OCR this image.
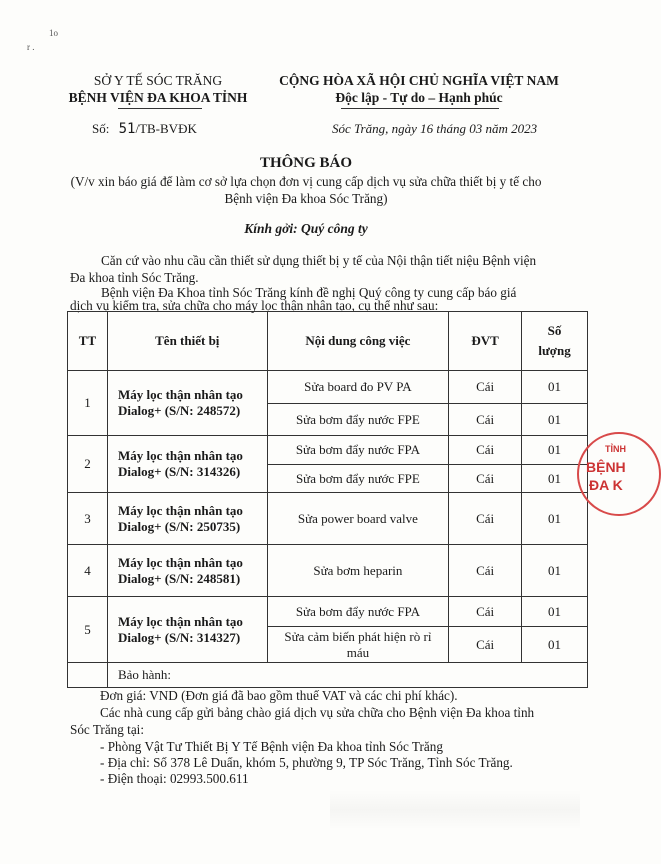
1o
r .
SỞ Y TẾ SÓC TRĂNG
BỆNH VIỆN ĐA KHOA TỈNH
CỘNG HÒA XÃ HỘI CHỦ NGHĨA VIỆT NAM
Độc lập - Tự do – Hạnh phúc
Số: 51/TB-BVĐK	Sóc Trăng, ngày 16 tháng 03 năm 2023
THÔNG BÁO
(V/v xin báo giá để làm cơ sở lựa chọn đơn vị cung cấp dịch vụ sửa chữa thiết bị y tế cho
Bệnh viện Đa khoa Sóc Trăng)
Kính gởi: Quý công ty
Căn cứ vào nhu cầu cần thiết sử dụng thiết bị y tế của Nội thận tiết niệu Bệnh viện
Đa khoa tỉnh Sóc Trăng.
Bệnh viện Đa Khoa tỉnh Sóc Trăng kính đề nghị Quý công ty cung cấp báo giá
dịch vụ kiểm tra, sửa chữa cho máy lọc thận nhân tạo, cụ thể như sau:
TT	Tên thiết bị	Nội dung công việc	ĐVT	Số
lượng

1	Máy lọc thận nhân tạo
Dialog+ (S/N: 248572)	Sửa board đo PV PA	Cái	01
		Sửa bơm đẩy nước FPE	Cái	01
2	Máy lọc thận nhân tạo
Dialog+ (S/N: 314326)	Sửa bơm đẩy nước FPA	Cái	01
		Sửa bơm đẩy nước FPE	Cái	01
3	Máy lọc thận nhân tạo
Dialog+ (S/N: 250735)	Sửa power board valve	Cái	01
4	Máy lọc thận nhân tạo
Dialog+ (S/N: 248581)	Sửa bơm heparin	Cái	01
5	Máy lọc thận nhân tạo
Dialog+ (S/N: 314327)	Sửa bơm đẩy nước FPA	Cái	01

		Sửa cảm biến phát hiện rò rỉ
máu	Cái	01
	Bảo hành:			
TỈNH
BỆNH
ĐA K
Đơn giá: VND (Đơn giá đã bao gồm thuế VAT và các chi phí khác).
Các nhà cung cấp gửi bảng chào giá dịch vụ sửa chữa cho Bệnh viện Đa khoa tỉnh
Sóc Trăng tại:
- Phòng Vật Tư Thiết Bị Y Tế Bệnh viện Đa khoa tỉnh Sóc Trăng
- Địa chỉ: Số 378 Lê Duẩn, khóm 5, phường 9, TP Sóc Trăng, Tỉnh Sóc Trăng.
- Điện thoại: 02993.500.611
